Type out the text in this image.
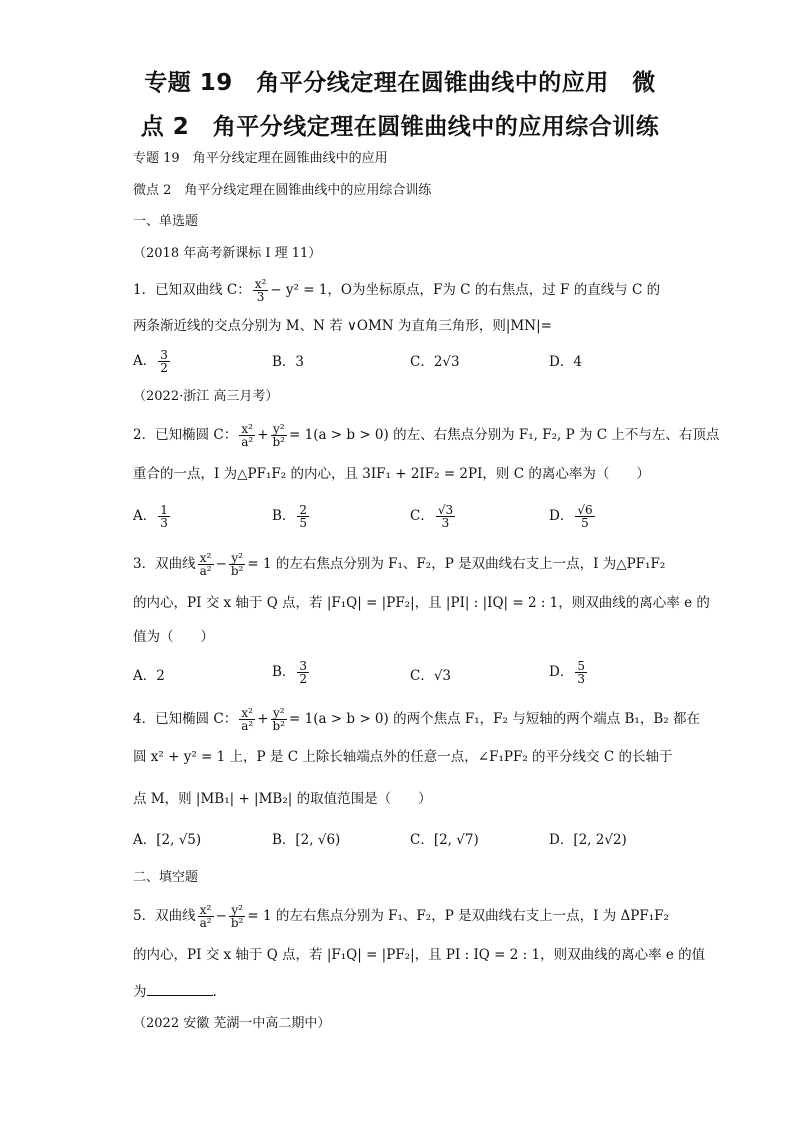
专题 19　角平分线定理在圆锥曲线中的应用　微
点 2　角平分线定理在圆锥曲线中的应用综合训练
专题 19　角平分线定理在圆锥曲线中的应用
微点 2　角平分线定理在圆锥曲线中的应用综合训练
一、单选题
（2018 年高考新课标 I 理 11）
1．已知双曲线 C： $\frac{\text{x²}}{3} - y^2 = 1$，O为坐标原点，F为 C 的右焦点，过 F 的直线与 C 的
两条渐近线的交点分别为 M、N 若 ∨OMN 为直角三角形，则|MN|=
A． $\frac{3}{2}$	B．3	C．2√3	D．4
（2022·浙江 高三月考）
2．已知椭圆 C： $\frac{\text{x²}}{\text{a²}} + \frac{\text{y²}}{\text{b²}} = 1(a > b > 0)$ 的左、右焦点分别为 F₁, F₂, P 为 C 上不与左、右顶点
重合的一点，I 为△PF₁F₂ 的内心，且 3IF₁ + 2IF₂ = 2PI，则 C 的离心率为（　　）
A． $\frac{1}{3}$	B． $\frac{2}{5}$	C． $\frac{√3}{3}$	D． $\frac{√6}{5}$
3．双曲线 $\frac{\text{x²}}{\text{a²}} - \frac{\text{y²}}{\text{b²}} = 1$ 的左右焦点分别为 F₁、F₂，P 是双曲线右支上一点，I 为△PF₁F₂
的内心，PI 交 x 轴于 Q 点，若 |F₁Q| = |PF₂|，且 |PI| : |IQ| = 2 : 1，则双曲线的离心率 e 的
值为（　　）
A．2	B． $\frac{3}{2}$	C．√3	D． $\frac{5}{3}$
4．已知椭圆 C： $\frac{\text{x²}}{\text{a²}} + \frac{\text{y²}}{\text{b²}} = 1(a > b > 0)$ 的两个焦点 F₁，F₂ 与短轴的两个端点 B₁，B₂ 都在
圆 x² + y² = 1 上，P 是 C 上除长轴端点外的任意一点，∠F₁PF₂ 的平分线交 C 的长轴于
点 M，则 |MB₁| + |MB₂| 的取值范围是（　　）
A．[2, √5)	B．[2, √6)	C．[2, √7)	D．[2, 2√2)
二、填空题
5．双曲线 $\frac{\text{x²}}{\text{a²}} - \frac{\text{y²}}{\text{b²}} = 1$ 的左右焦点分别为 F₁、F₂，P 是双曲线右支上一点，I 为 ΔPF₁F₂
的内心，PI 交 x 轴于 Q 点，若 |F₁Q| = |PF₂|，且 PI : IQ = 2 : 1，则双曲线的离心率 e 的值
为	.
（2022 安徽 芜湖一中高二期中）
